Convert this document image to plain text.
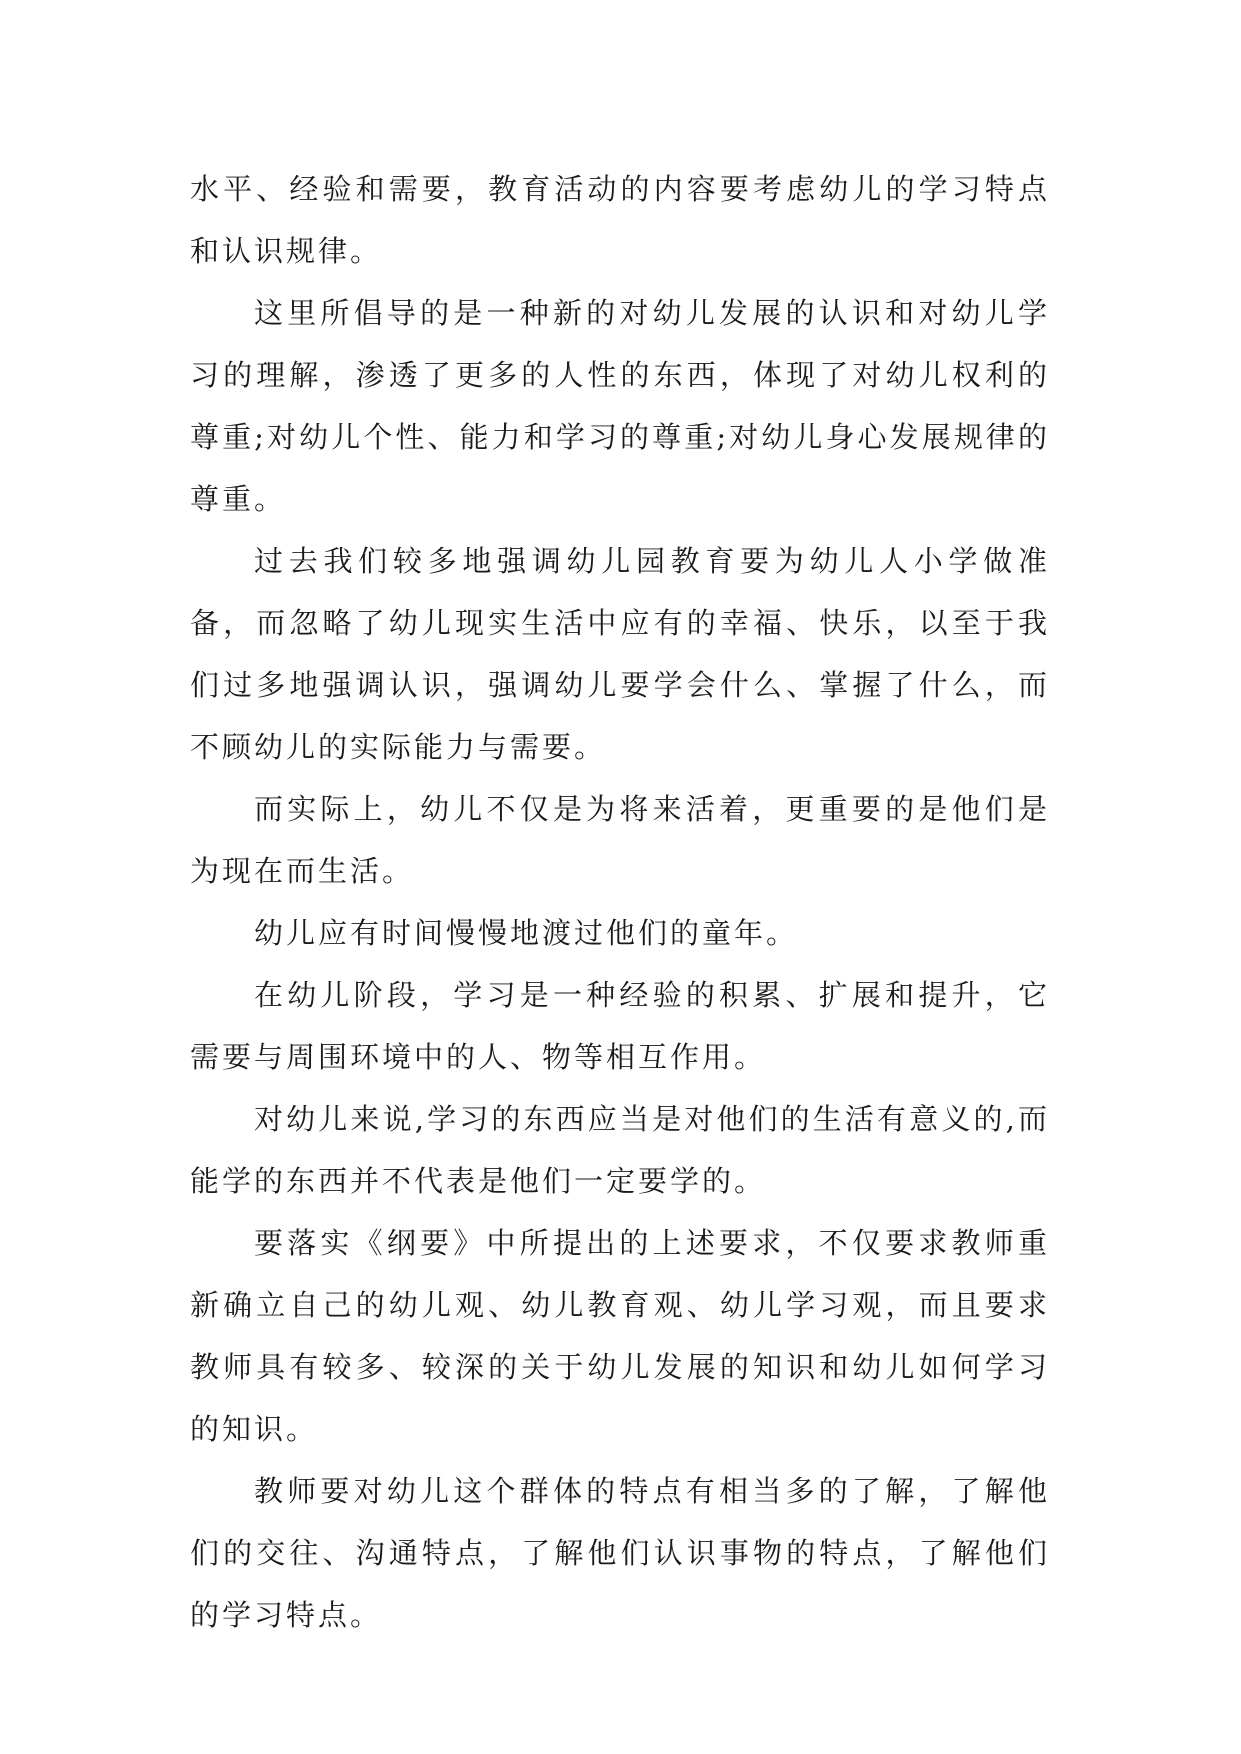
水平、经验和需要，教育活动的内容要考虑幼儿的学习特点和认识规律。

这里所倡导的是一种新的对幼儿发展的认识和对幼儿学习的理解，渗透了更多的人性的东西，体现了对幼儿权利的尊重;对幼儿个性、能力和学习的尊重;对幼儿身心发展规律的尊重。

过去我们较多地强调幼儿园教育要为幼儿人小学做准备，而忽略了幼儿现实生活中应有的幸福、快乐，以至于我们过多地强调认识，强调幼儿要学会什么、掌握了什么，而不顾幼儿的实际能力与需要。

而实际上，幼儿不仅是为将来活着，更重要的是他们是为现在而生活。

幼儿应有时间慢慢地渡过他们的童年。

在幼儿阶段，学习是一种经验的积累、扩展和提升，它需要与周围环境中的人、物等相互作用。

对幼儿来说,学习的东西应当是对他们的生活有意义的,而能学的东西并不代表是他们一定要学的。

要落实《纲要》中所提出的上述要求，不仅要求教师重新确立自己的幼儿观、幼儿教育观、幼儿学习观，而且要求教师具有较多、较深的关于幼儿发展的知识和幼儿如何学习的知识。

教师要对幼儿这个群体的特点有相当多的了解，了解他们的交往、沟通特点，了解他们认识事物的特点，了解他们的学习特点。
